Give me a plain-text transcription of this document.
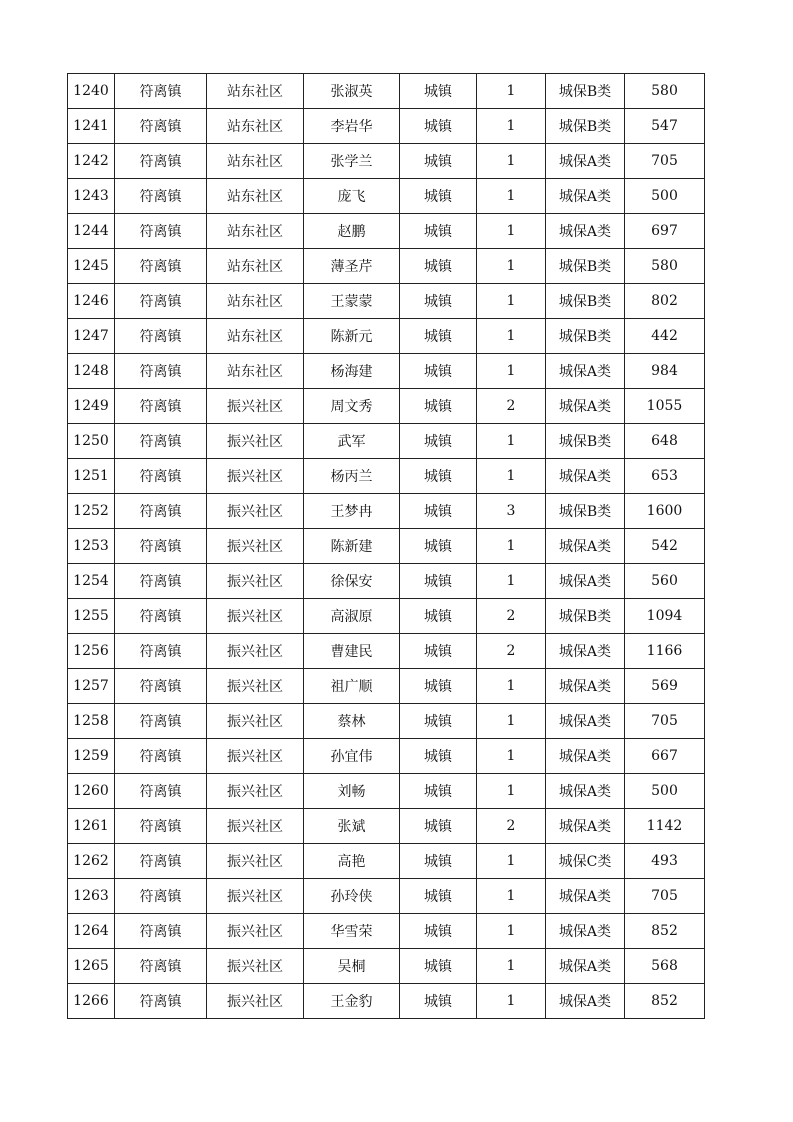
1240	符离镇	站东社区	张淑英	城镇	1	城保B类	580
1241	符离镇	站东社区	李岩华	城镇	1	城保B类	547
1242	符离镇	站东社区	张学兰	城镇	1	城保A类	705
1243	符离镇	站东社区	庞飞	城镇	1	城保A类	500
1244	符离镇	站东社区	赵鹏	城镇	1	城保A类	697
1245	符离镇	站东社区	薄圣芹	城镇	1	城保B类	580
1246	符离镇	站东社区	王蒙蒙	城镇	1	城保B类	802
1247	符离镇	站东社区	陈新元	城镇	1	城保B类	442
1248	符离镇	站东社区	杨海建	城镇	1	城保A类	984
1249	符离镇	振兴社区	周文秀	城镇	2	城保A类	1055
1250	符离镇	振兴社区	武军	城镇	1	城保B类	648
1251	符离镇	振兴社区	杨丙兰	城镇	1	城保A类	653
1252	符离镇	振兴社区	王梦冉	城镇	3	城保B类	1600
1253	符离镇	振兴社区	陈新建	城镇	1	城保A类	542
1254	符离镇	振兴社区	徐保安	城镇	1	城保A类	560
1255	符离镇	振兴社区	高淑原	城镇	2	城保B类	1094
1256	符离镇	振兴社区	曹建民	城镇	2	城保A类	1166
1257	符离镇	振兴社区	祖广顺	城镇	1	城保A类	569
1258	符离镇	振兴社区	蔡林	城镇	1	城保A类	705
1259	符离镇	振兴社区	孙宜伟	城镇	1	城保A类	667
1260	符离镇	振兴社区	刘畅	城镇	1	城保A类	500
1261	符离镇	振兴社区	张斌	城镇	2	城保A类	1142
1262	符离镇	振兴社区	高艳	城镇	1	城保C类	493
1263	符离镇	振兴社区	孙玲侠	城镇	1	城保A类	705
1264	符离镇	振兴社区	华雪荣	城镇	1	城保A类	852
1265	符离镇	振兴社区	吴桐	城镇	1	城保A类	568
1266	符离镇	振兴社区	王金豹	城镇	1	城保A类	852
